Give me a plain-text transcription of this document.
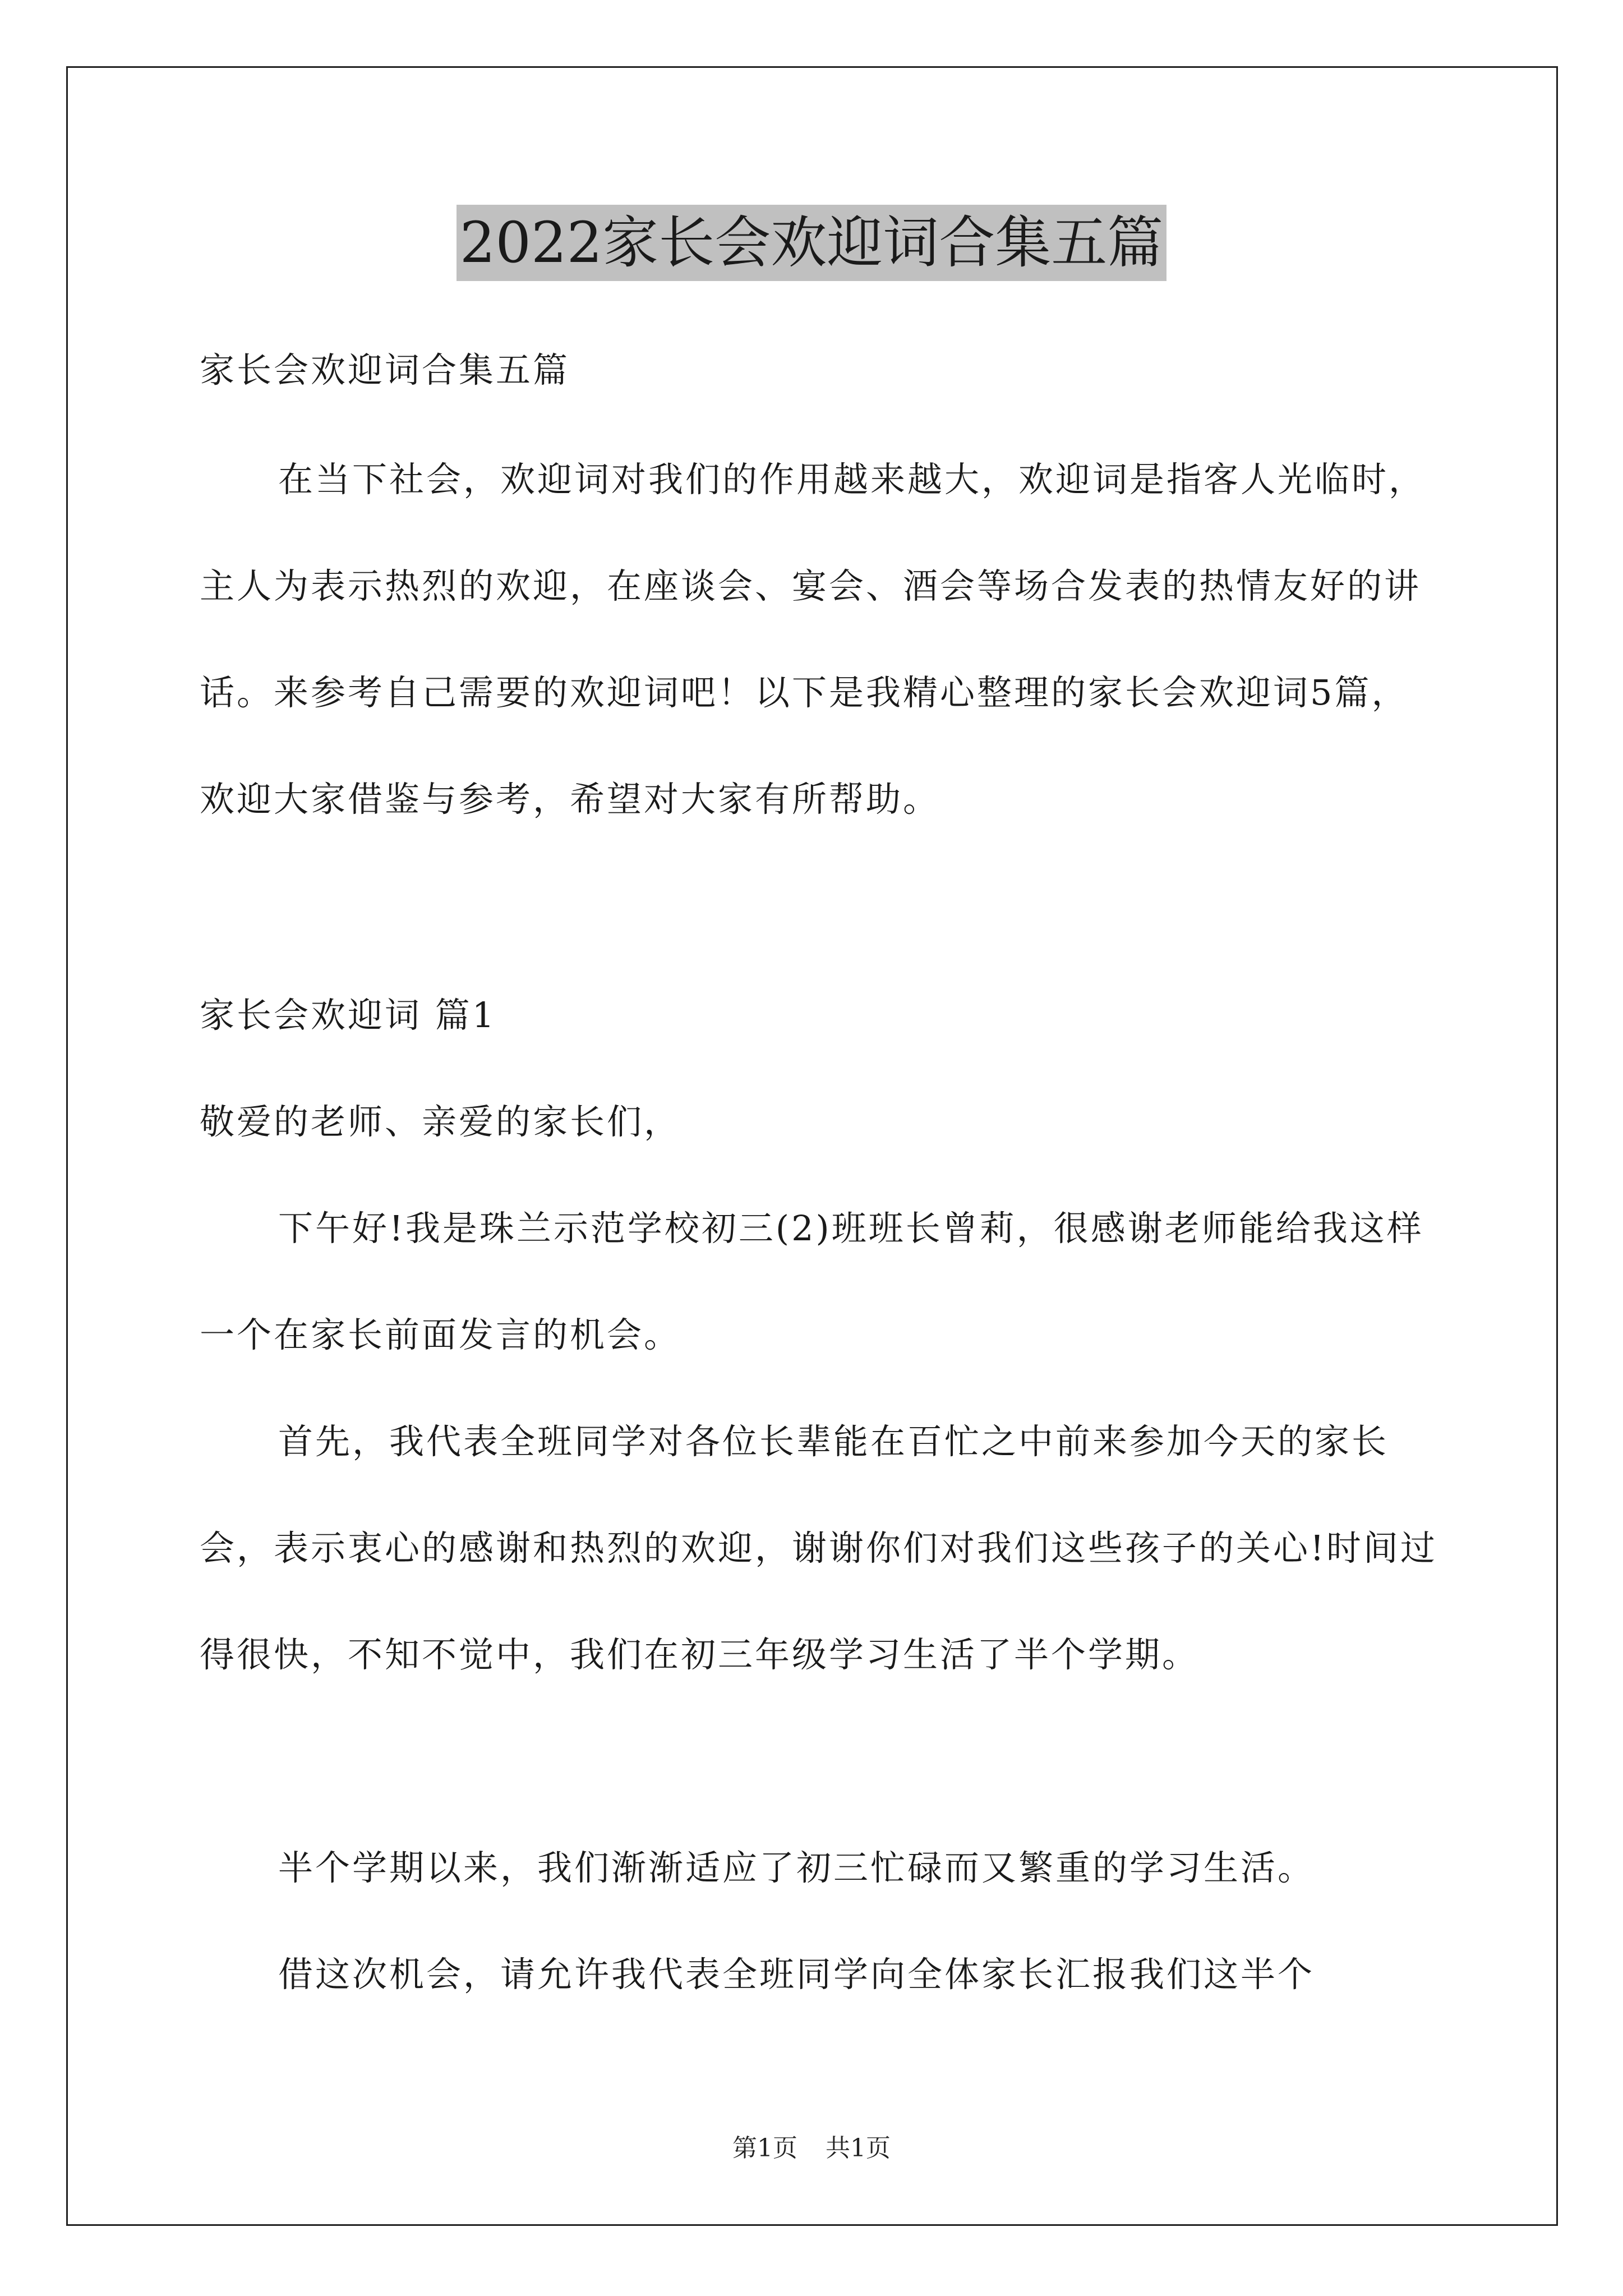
2022家长会欢迎词合集五篇

家长会欢迎词合集五篇

在当下社会，欢迎词对我们的作用越来越大，欢迎词是指客人光临时，主人为表示热烈的欢迎，在座谈会、宴会、酒会等场合发表的热情友好的讲话。来参考自己需要的欢迎词吧！以下是我精心整理的家长会欢迎词5篇，欢迎大家借鉴与参考，希望对大家有所帮助。

家长会欢迎词 篇1

敬爱的老师、亲爱的家长们，

下午好!我是珠兰示范学校初三(2)班班长曾莉，很感谢老师能给我这样一个在家长前面发言的机会。

首先，我代表全班同学对各位长辈能在百忙之中前来参加今天的家长会，表示衷心的感谢和热烈的欢迎，谢谢你们对我们这些孩子的关心!时间过得很快，不知不觉中，我们在初三年级学习生活了半个学期。

半个学期以来，我们渐渐适应了初三忙碌而又繁重的学习生活。

借这次机会，请允许我代表全班同学向全体家长汇报我们这半个

第1页 共1页
